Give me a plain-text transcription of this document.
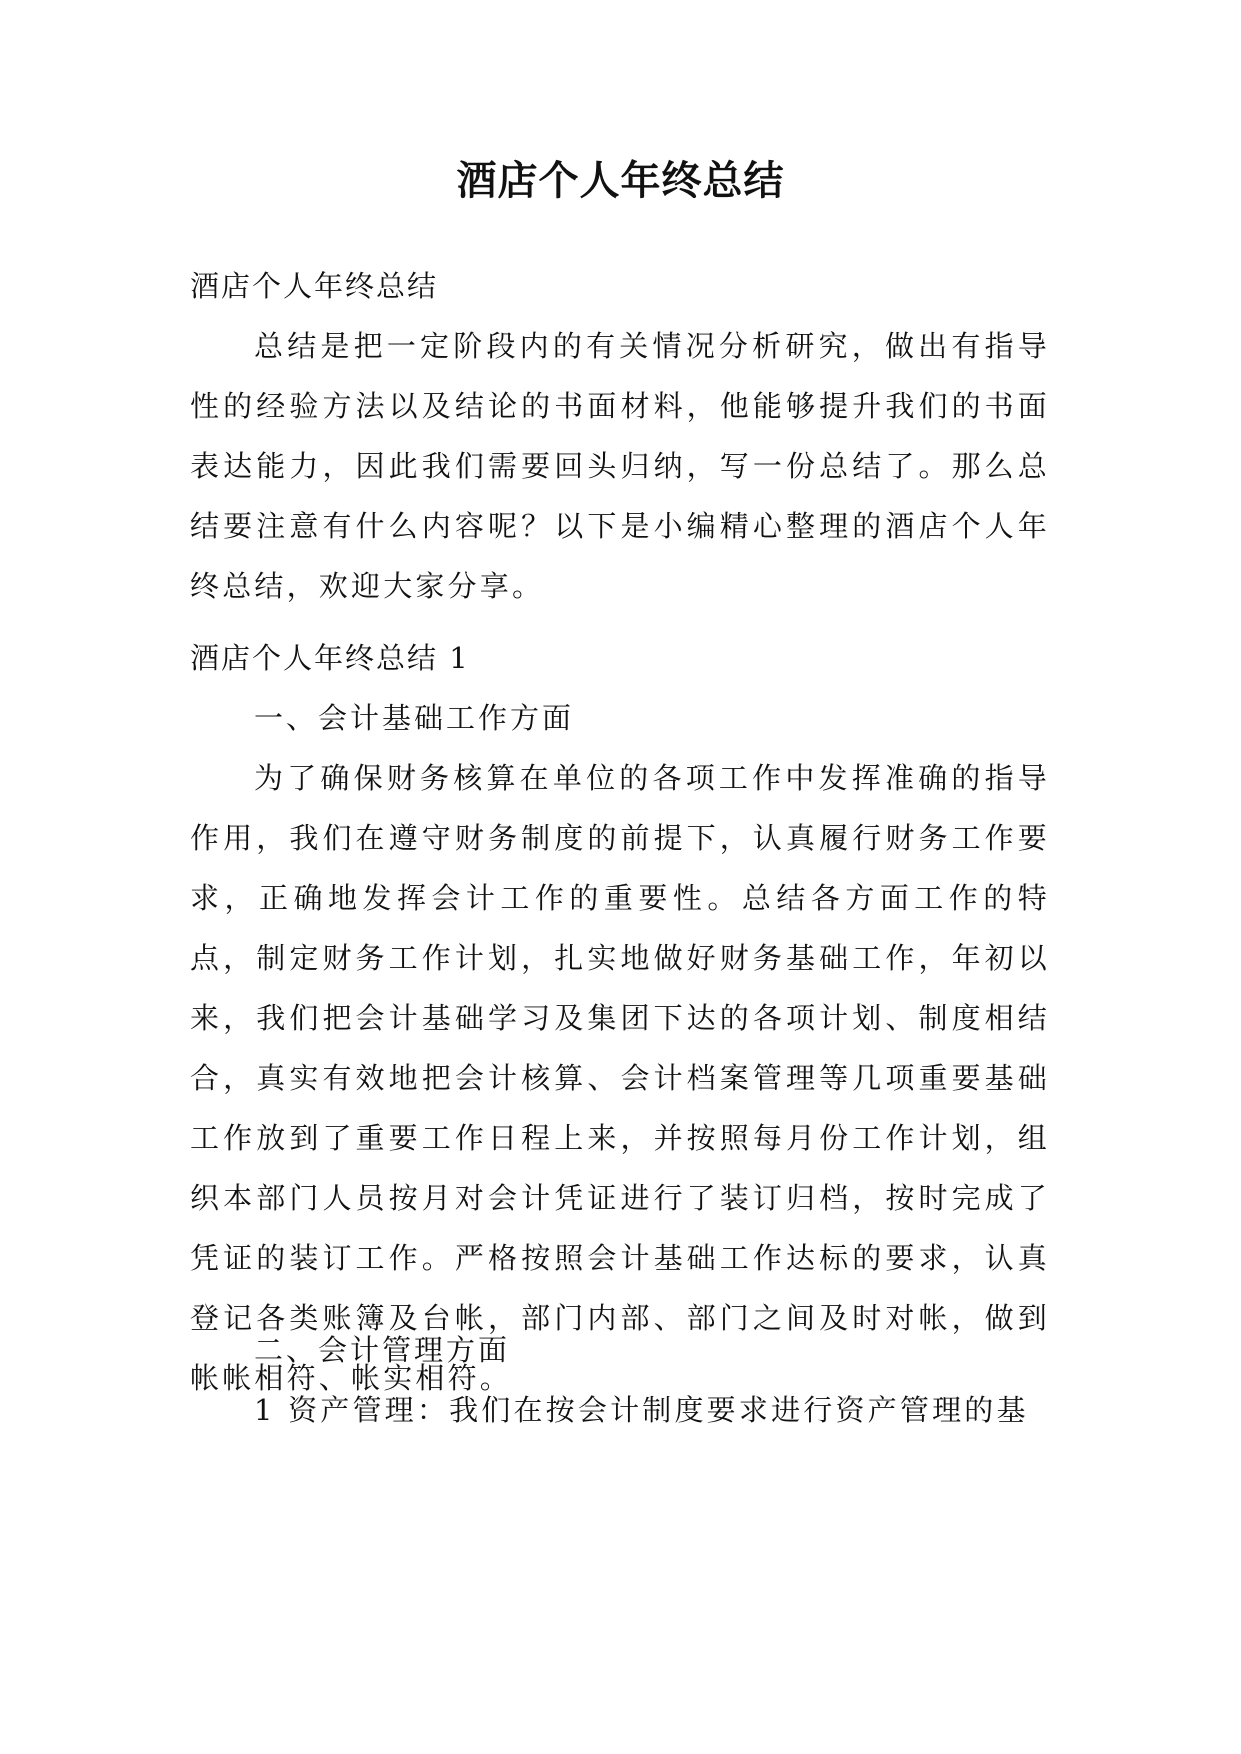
酒店个人年终总结

酒店个人年终总结

总结是把一定阶段内的有关情况分析研究，做出有指导性的经验方法以及结论的书面材料，他能够提升我们的书面表达能力，因此我们需要回头归纳，写一份总结了。那么总结要注意有什么内容呢？以下是小编精心整理的酒店个人年终总结，欢迎大家分享。

酒店个人年终总结 1

一、会计基础工作方面

为了确保财务核算在单位的各项工作中发挥准确的指导作用，我们在遵守财务制度的前提下，认真履行财务工作要求，正确地发挥会计工作的重要性。总结各方面工作的特点，制定财务工作计划，扎实地做好财务基础工作，年初以来，我们把会计基础学习及集团下达的各项计划、制度相结合，真实有效地把会计核算、会计档案管理等几项重要基础工作放到了重要工作日程上来，并按照每月份工作计划，组织本部门人员按月对会计凭证进行了装订归档，按时完成了凭证的装订工作。严格按照会计基础工作达标的要求，认真登记各类账簿及台帐，部门内部、部门之间及时对帐，做到帐帐相符、帐实相符。

二、会计管理方面

1 资产管理：我们在按会计制度要求进行资产管理的基
